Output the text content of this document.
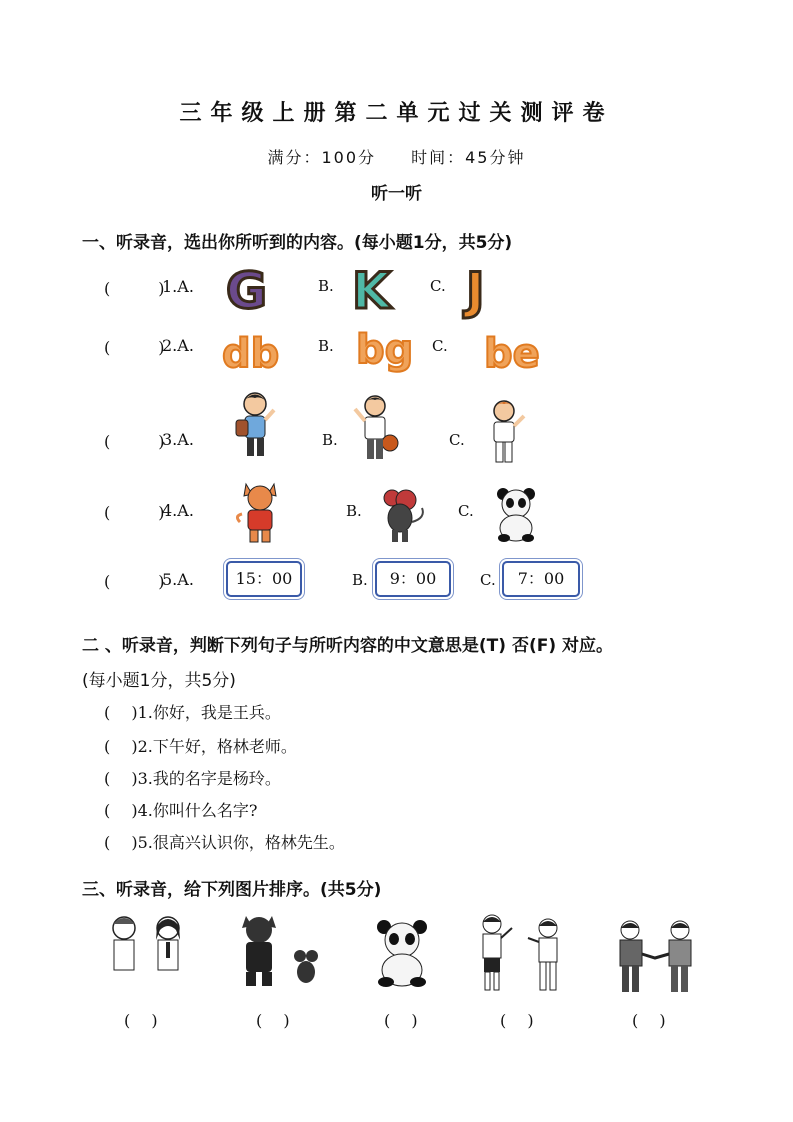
三年级上册第二单元过关测评卷
满分：100分 时间：45分钟
听一听
一、听录音，选出你所听到的内容。(每小题1分，共5分)
(　　　)
1.A. G	B. K	C. J
(　　　)
2.A. db	B. bg C. be
(　　　)
3.A.	B.	C.
(　　　)
4.A.	B.	C.
(　　　)
5.A.	15：00	B.	9：00	C.	7：00
二 、听录音，判断下列句子与所听内容的中文意思是(T) 否(F) 对应。
(每小题1分，共5分)
(　 )1.你好，我是王兵。
(　 )2.下午好，格林老师。
(　 )3.我的名字是杨玲。
(　 )4.你叫什么名字?
(　 )5.很高兴认识你，格林先生。
三、听录音，给下列图片排序。(共5分)
(　 )	(　 )	(　 )	(　 )	(　 )
